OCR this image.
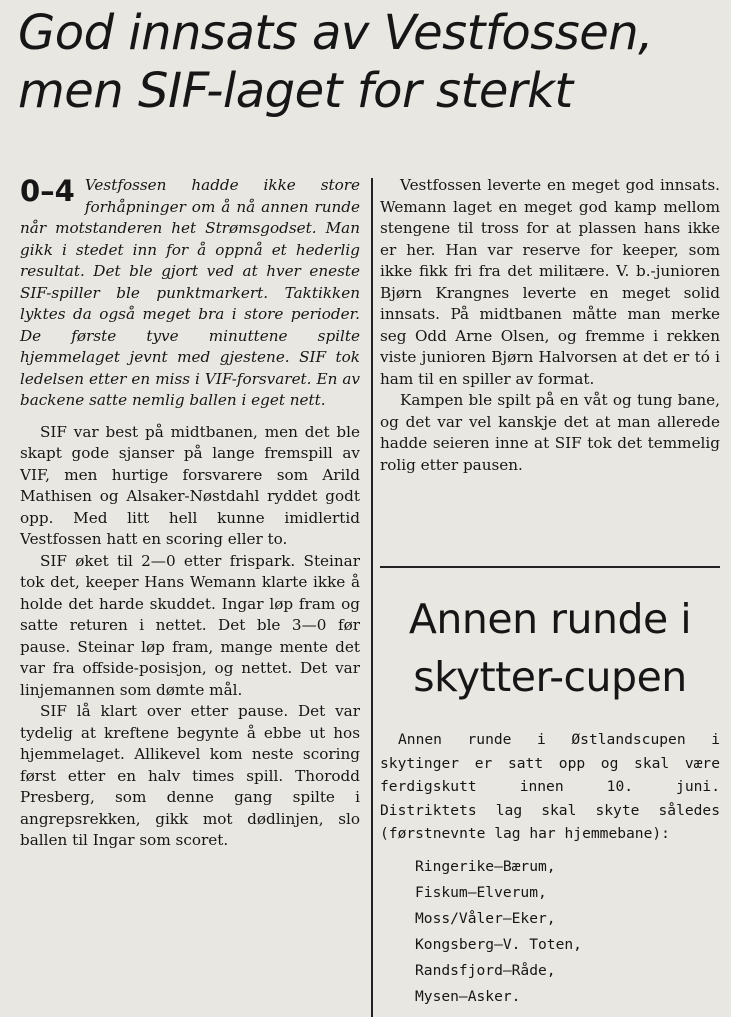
God innsats av Vestfossen,
men SIF-laget for sterkt

0–4 Vestfossen hadde ikke store forhåpninger om å nå annen runde når motstanderen het Strømsgodset. Man gikk i stedet inn for å oppnå et hederlig resultat. Det ble gjort ved at hver eneste SIF-spiller ble punktmarkert. Taktikken lyktes da også meget bra i store perioder. De første tyve minuttene spilte hjemmelaget jevnt med gjestene. SIF tok ledelsen etter en miss i VIF-forsvaret. En av backene satte nemlig ballen i eget nett.

SIF var best på midtbanen, men det ble skapt gode sjanser på lange fremspill av VIF, men hurtige forsvarere som Arild Mathisen og Alsaker-Nøstdahl ryddet godt opp. Med litt hell kunne imidlertid Vestfossen hatt en scoring eller to.

SIF øket til 2—0 etter frispark. Steinar tok det, keeper Hans Wemann klarte ikke å holde det harde skuddet. Ingar løp fram og satte returen i nettet. Det ble 3—0 før pause. Steinar løp fram, mange mente det var fra offside-posisjon, og nettet. Det var linjemannen som dømte mål.

SIF lå klart over etter pause. Det var tydelig at kreftene begynte å ebbe ut hos hjemmelaget. Allikevel kom neste scoring først etter en halv times spill. Thorodd Presberg, som denne gang spilte i angrepsrekken, gikk mot dødlinjen, slo ballen til Ingar som scoret.

Vestfossen leverte en meget god innsats. Wemann laget en meget god kamp mellom stengene til tross for at plassen hans ikke er her. Han var reserve for keeper, som ikke fikk fri fra det militære. V. b.-junioren Bjørn Krangnes leverte en meget solid innsats. På midtbanen måtte man merke seg Odd Arne Olsen, og fremme i rekken viste junioren Bjørn Halvorsen at det er tó i ham til en spiller av format.

Kampen ble spilt på en våt og tung bane, og det var vel kanskje det at man allerede hadde seieren inne at SIF tok det temmelig rolig etter pausen.

Annen runde i
skytter-cupen

Annen runde i Østlandscupen i skytinger er satt opp og skal være ferdigskutt innen 10. juni. Distriktets lag skal skyte således (førstnevnte lag har hjemmebane):

Ringerike—Bærum,
Fiskum—Elverum,
Moss/Våler—Eker,
Kongsberg—V. Toten,
Randsfjord—Råde,
Mysen—Asker.
